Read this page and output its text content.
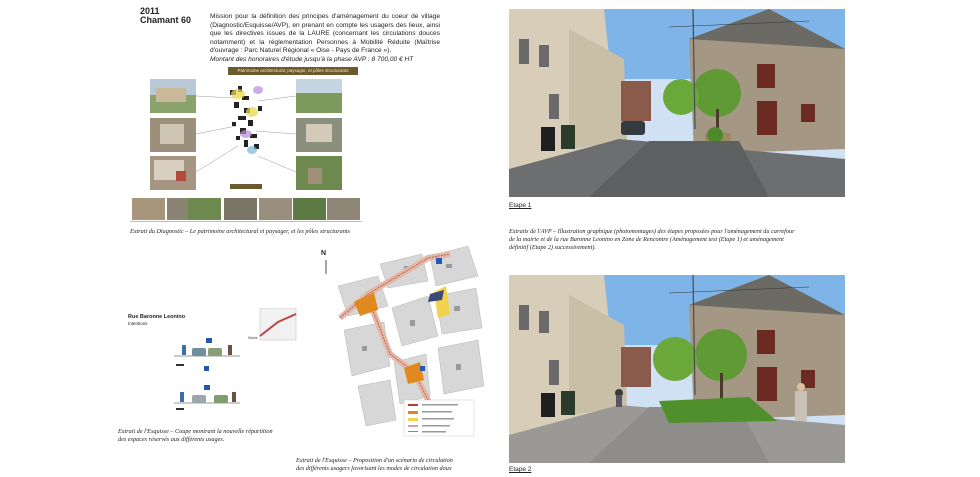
2011
Chamant 60	Mission pour la définition des principes d'aménagement du coeur de village (Diagnostic/Esquisse/AVP), en prenant en compte les usagers des lieux, ainsi que les directives issues de la LAURE (concernant les circulations douces notamment) et la réglementation Personnes à Mobilité Réduite (Maîtrise d'ouvrage : Parc Naturel Régional « Oise - Pays de France »).
Montant des honoraires d'étude jusqu'à la phase AVP : 8 700,00 € HT
Patrimoine architectural, paysager, et pôles structurants
Extrait du Diagnostic – Le patrimoine architectural et paysager, et les pôles structurants
Rue Baronne Leonino
Intentions
Mairie
Extrait de l'Esquisse – Coupe montrant la nouvelle répartition
des espaces réservés aux différents usages.
N
Extrait de l'Esquisse – Proposition d'un scénario de circulation
des différents usagers favorisant les modes de circulation doux
Etape 1
Extraits de l'AVP – Illustration graphique (photomontages) des étapes proposées pour l'aménagement du carrefour
de la mairie et de la rue Baronne Leonino en Zone de Rencontre (Aménagement test (Etape 1) et aménagement
définitif (Etape 2) successivement).
Etape 2
